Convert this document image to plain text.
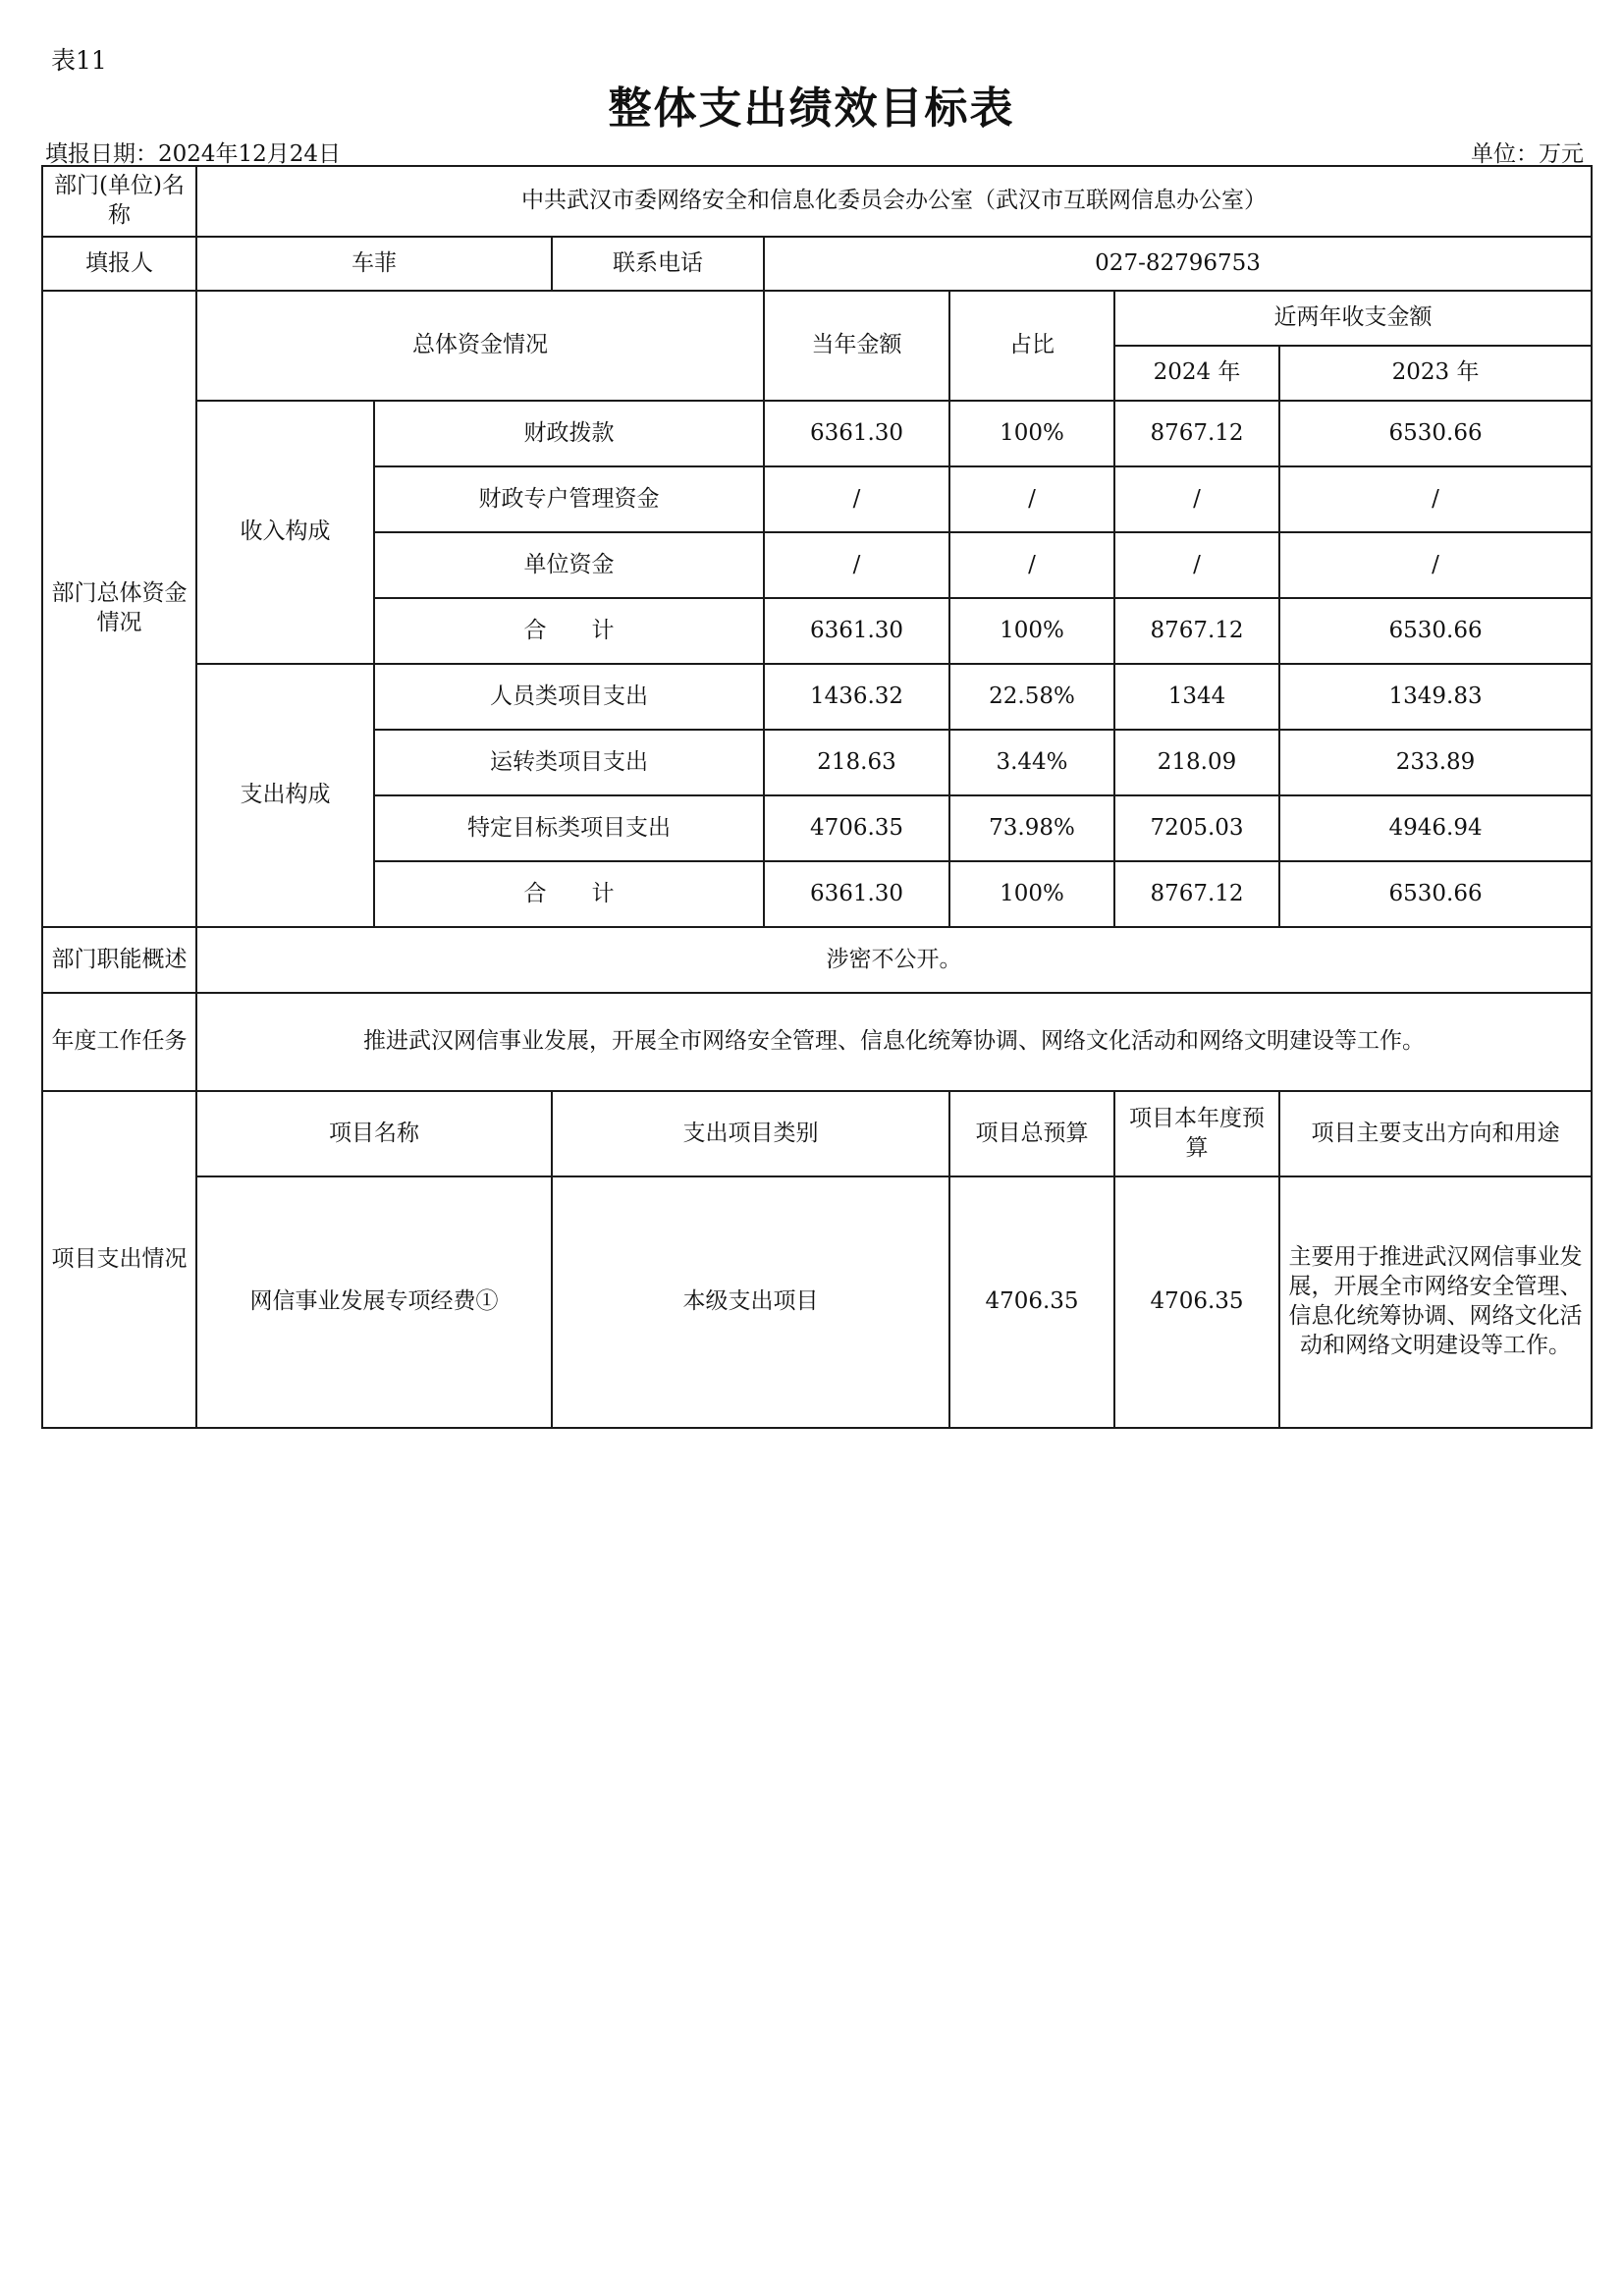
表11
整体支出绩效目标表
填报日期：2024年12月24日	单位：万元
部门(单位)名称	中共武汉市委网络安全和信息化委员会办公室（武汉市互联网信息办公室）						
填报人	车菲		联系电话	027-82796753			
部门总体资金情况	总体资金情况			当年金额	占比	近两年收支金额	
						2024 年	2023 年
	收入构成	财政拨款		6361.30	100%	8767.12	6530.66
		财政专户管理资金		/	/	/	/
		单位资金		/	/	/	/
		合　　计		6361.30	100%	8767.12	6530.66
	支出构成	人员类项目支出		1436.32	22.58%	1344	1349.83
		运转类项目支出		218.63	3.44%	218.09	233.89
		特定目标类项目支出		4706.35	73.98%	7205.03	4946.94
		合　　计		6361.30	100%	8767.12	6530.66
部门职能概述	涉密不公开。						
年度工作任务	推进武汉网信事业发展，开展全市网络安全管理、信息化统筹协调、网络文化活动和网络文明建设等工作。						
项目支出情况	项目名称		支出项目类别		项目总预算	项目本年度预算	项目主要支出方向和用途
	网信事业发展专项经费①		本级支出项目		4706.35	4706.35	主要用于推进武汉网信事业发展，开展全市网络安全管理、信息化统筹协调、网络文化活动和网络文明建设等工作。
